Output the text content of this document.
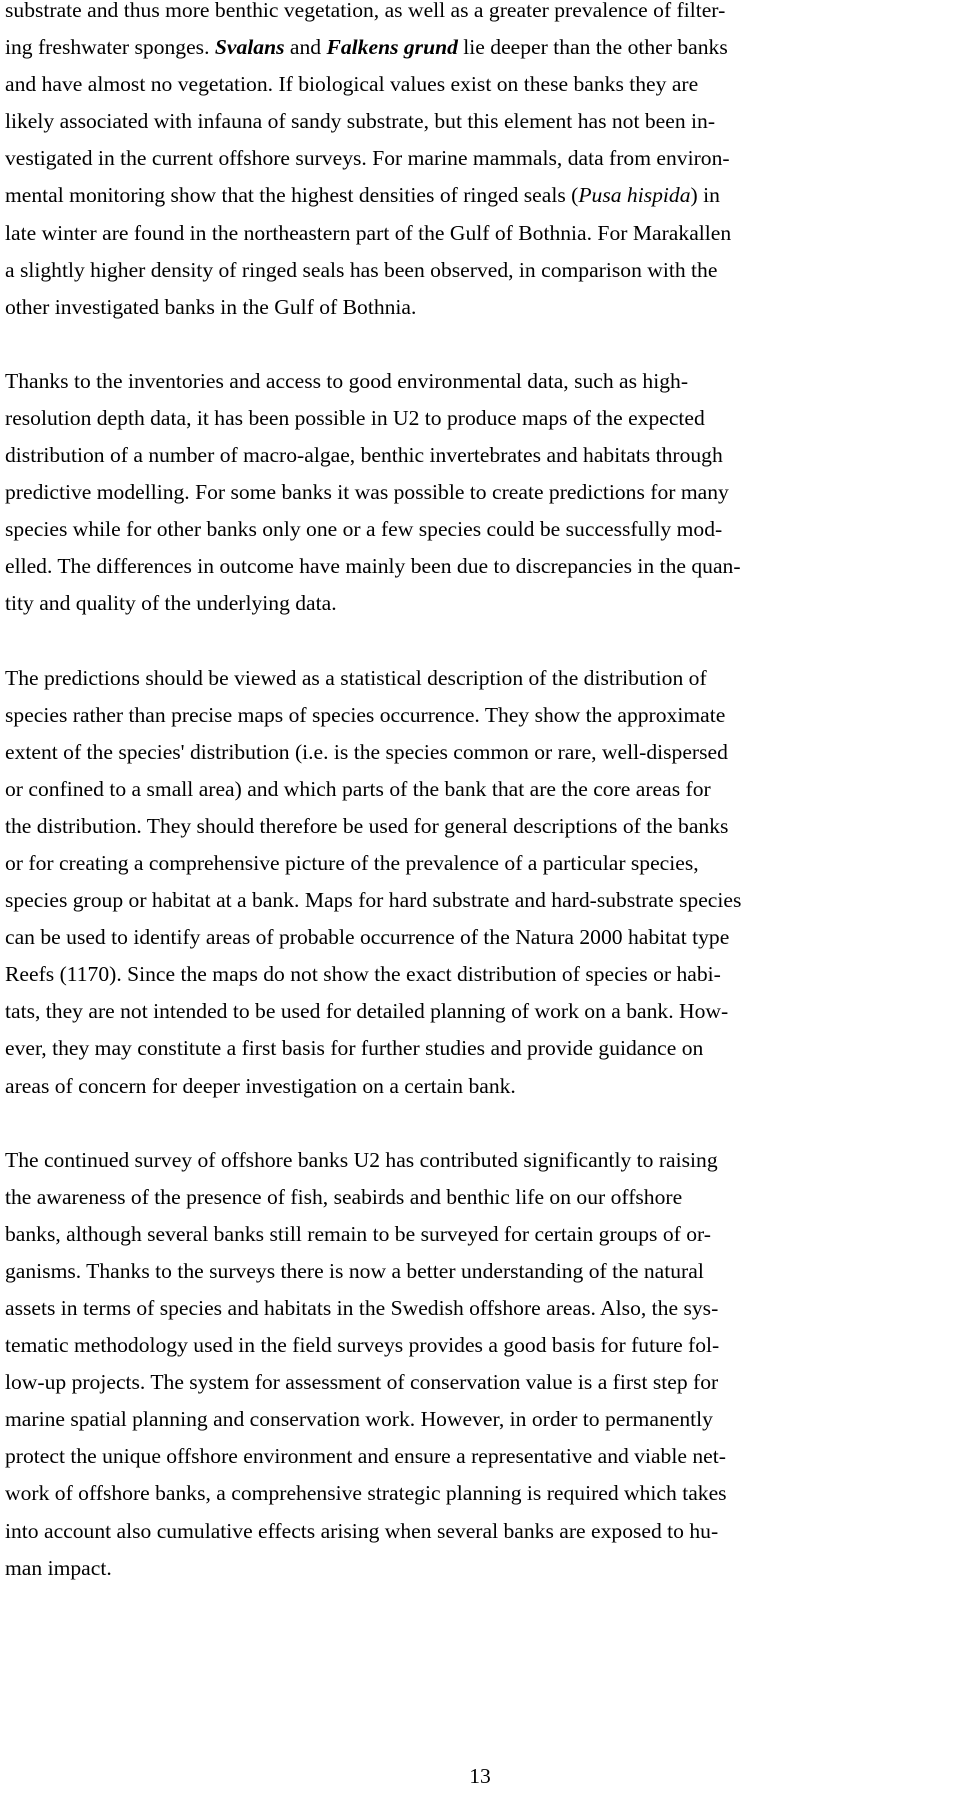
substrate and thus more benthic vegetation, as well as a greater prevalence of filter-
ing freshwater sponges. Svalans and Falkens grund lie deeper than the other banks
and have almost no vegetation. If biological values exist on these banks they are
likely associated with infauna of sandy substrate, but this element has not been in-
vestigated in the current offshore surveys. For marine mammals, data from environ-
mental monitoring show that the highest densities of ringed seals (Pusa hispida) in
late winter are found in the northeastern part of the Gulf of Bothnia. For Marakallen
a slightly higher density of ringed seals has been observed, in comparison with the
other investigated banks in the Gulf of Bothnia.

Thanks to the inventories and access to good environmental data, such as high-
resolution depth data, it has been possible in U2 to produce maps of the expected
distribution of a number of macro-algae, benthic invertebrates and habitats through
predictive modelling. For some banks it was possible to create predictions for many
species while for other banks only one or a few species could be successfully mod-
elled. The differences in outcome have mainly been due to discrepancies in the quan-
tity and quality of the underlying data.

The predictions should be viewed as a statistical description of the distribution of
species rather than precise maps of species occurrence. They show the approximate
extent of the species' distribution (i.e. is the species common or rare, well-dispersed
or confined to a small area) and which parts of the bank that are the core areas for
the distribution. They should therefore be used for general descriptions of the banks
or for creating a comprehensive picture of the prevalence of a particular species,
species group or habitat at a bank. Maps for hard substrate and hard-substrate species
can be used to identify areas of probable occurrence of the Natura 2000 habitat type
Reefs (1170). Since the maps do not show the exact distribution of species or habi-
tats, they are not intended to be used for detailed planning of work on a bank. How-
ever, they may constitute a first basis for further studies and provide guidance on
areas of concern for deeper investigation on a certain bank.

The continued survey of offshore banks U2 has contributed significantly to raising
the awareness of the presence of fish, seabirds and benthic life on our offshore
banks, although several banks still remain to be surveyed for certain groups of or-
ganisms. Thanks to the surveys there is now a better understanding of the natural
assets in terms of species and habitats in the Swedish offshore areas. Also, the sys-
tematic methodology used in the field surveys provides a good basis for future fol-
low-up projects. The system for assessment of conservation value is a first step for
marine spatial planning and conservation work. However, in order to permanently
protect the unique offshore environment and ensure a representative and viable net-
work of offshore banks, a comprehensive strategic planning is required which takes
into account also cumulative effects arising when several banks are exposed to hu-
man impact.

13
